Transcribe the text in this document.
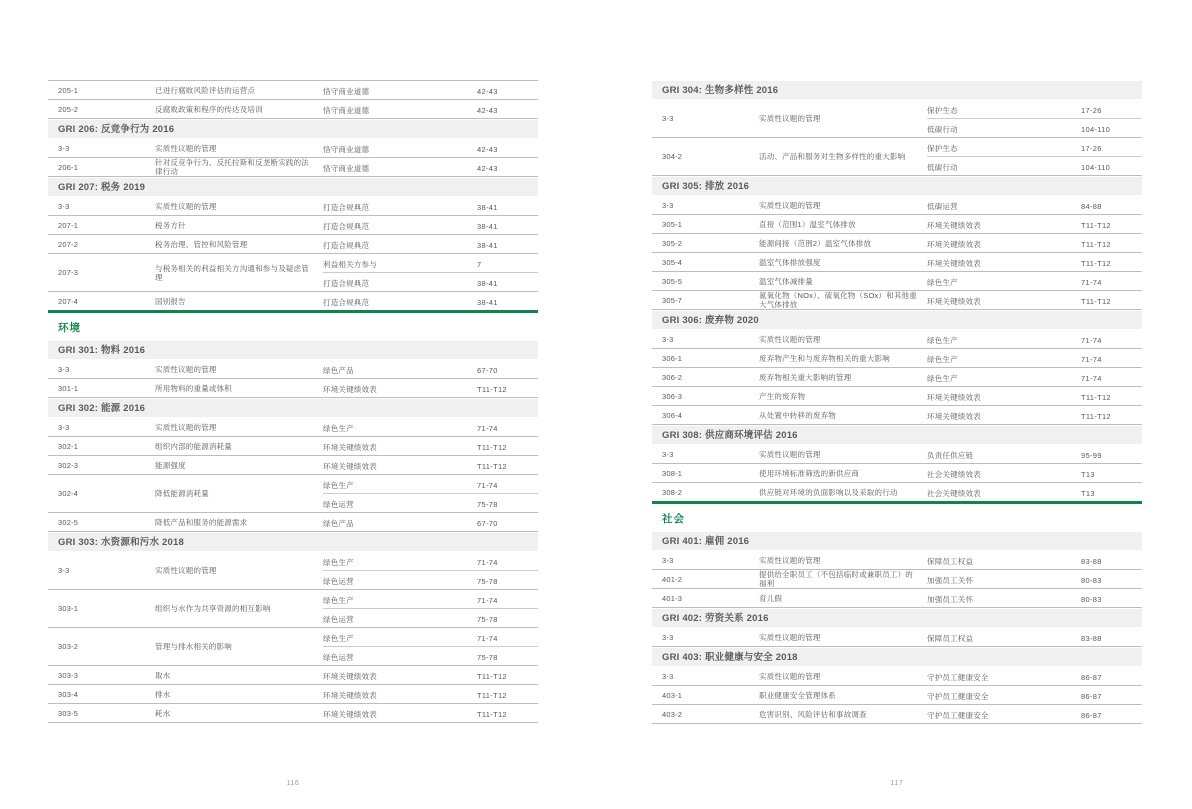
205-1	已进行腐败风险评估的运营点	恪守商业道德	42-43
205-2	反腐败政策和程序的传达及培训	恪守商业道德	42-43
GRI 206: 反竞争行为 2016
3-3	实质性议题的管理	恪守商业道德	42-43
206-1	针对反竞争行为、反托拉斯和反垄断实践的法律行动	恪守商业道德	42-43
GRI 207: 税务 2019
3-3	实质性议题的管理	打造合规典范	38-41
207-1	税务方针	打造合规典范	38-41
207-2	税务治理、管控和风险管理	打造合规典范	38-41
207-3	与税务相关的利益相关方沟通和参与及疑虑管理
利益相关方参与	7
打造合规典范	38-41
207-4	国别报告	打造合规典范	38-41
环境
GRI 301: 物料 2016
3-3	实质性议题的管理	绿色产品	67-70
301-1	所用物料的重量或体积	环境关键绩效表	T11-T12
GRI 302: 能源 2016
3-3	实质性议题的管理	绿色生产	71-74
302-1	组织内部的能源消耗量	环境关键绩效表	T11-T12
302-3	能源强度	环境关键绩效表	T11-T12
302-4	降低能源消耗量
绿色生产	71-74
绿色运营	75-78
302-5	降低产品和服务的能源需求	绿色产品	67-70
GRI 303: 水资源和污水 2018
3-3	实质性议题的管理
绿色生产	71-74
绿色运营	75-78
303-1	组织与水作为共享资源的相互影响
绿色生产	71-74
绿色运营	75-78
303-2	管理与排水相关的影响
绿色生产	71-74
绿色运营	75-78
303-3	取水	环境关键绩效表	T11-T12
303-4	排水	环境关键绩效表	T11-T12
303-5	耗水	环境关键绩效表	T11-T12
GRI 304: 生物多样性 2016
3-3	实质性议题的管理
保护生态	17-26
低碳行动	104-110
304-2	活动、产品和服务对生物多样性的重大影响
保护生态	17-26
低碳行动	104-110
GRI 305: 排放 2016
3-3	实质性议题的管理	低碳运营	84-88
305-1	直接（范围1）温室气体排放	环境关键绩效表	T11-T12
305-2	能源间接（范围2）温室气体排放	环境关键绩效表	T11-T12
305-4	温室气体排放强度	环境关键绩效表	T11-T12
305-5	温室气体减排量	绿色生产	71-74
305-7	氮氧化物（NOx）、硫氧化物（SOx）和其他重大气体排放	环境关键绩效表	T11-T12
GRI 306: 废弃物 2020
3-3	实质性议题的管理	绿色生产	71-74
306-1	废弃物产生和与废弃物相关的重大影响	绿色生产	71-74
306-2	废弃物相关重大影响的管理	绿色生产	71-74
306-3	产生的废弃物	环境关键绩效表	T11-T12
306-4	从处置中转移的废弃物	环境关键绩效表	T11-T12
GRI 308: 供应商环境评估 2016
3-3	实质性议题的管理	负责任供应链	95-99
308-1	使用环境标准筛选的新供应商	社会关键绩效表	T13
308-2	供应链对环境的负面影响以及采取的行动	社会关键绩效表	T13
社会
GRI 401: 雇佣 2016
3-3	实质性议题的管理	保障员工权益	83-88
401-2	提供给全职员工（不包括临时或兼职员工）的福利	加强员工关怀	80-83
401-3	育儿假	加强员工关怀	80-83
GRI 402: 劳资关系 2016
3-3	实质性议题的管理	保障员工权益	83-88
GRI 403: 职业健康与安全 2018
3-3	实质性议题的管理	守护员工健康安全	86-87
403-1	职业健康安全管理体系	守护员工健康安全	86-87
403-2	危害识别、风险评估和事故调查	守护员工健康安全	86-87
116	117
